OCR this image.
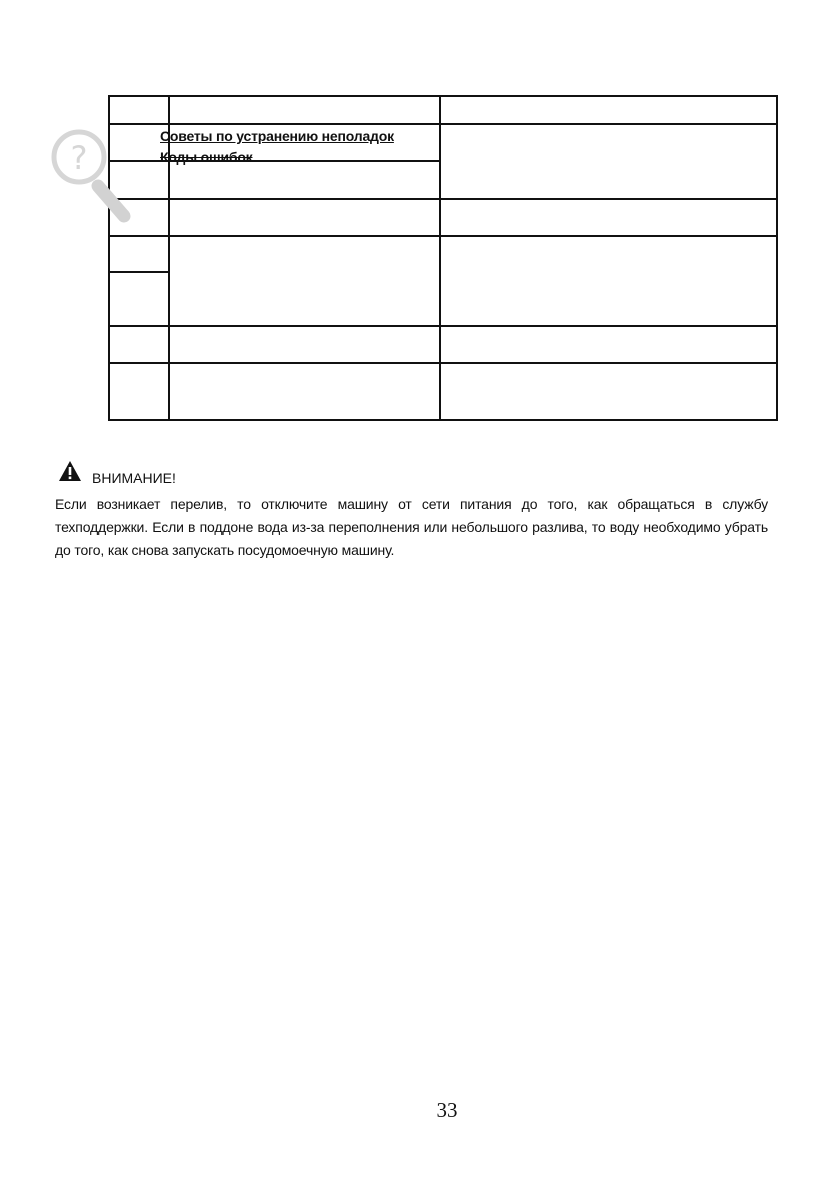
?
Советы по устранению неполадок
Коды ошибок

ВНИМАНИЕ!

Если возникает перелив, то отключите машину от сети питания до того, как обращаться в службу техподдержки. Если в поддоне вода из-за переполнения или небольшого разлива, то воду необходимо убрать до того, как снова запускать посудомоечную машину.

33
